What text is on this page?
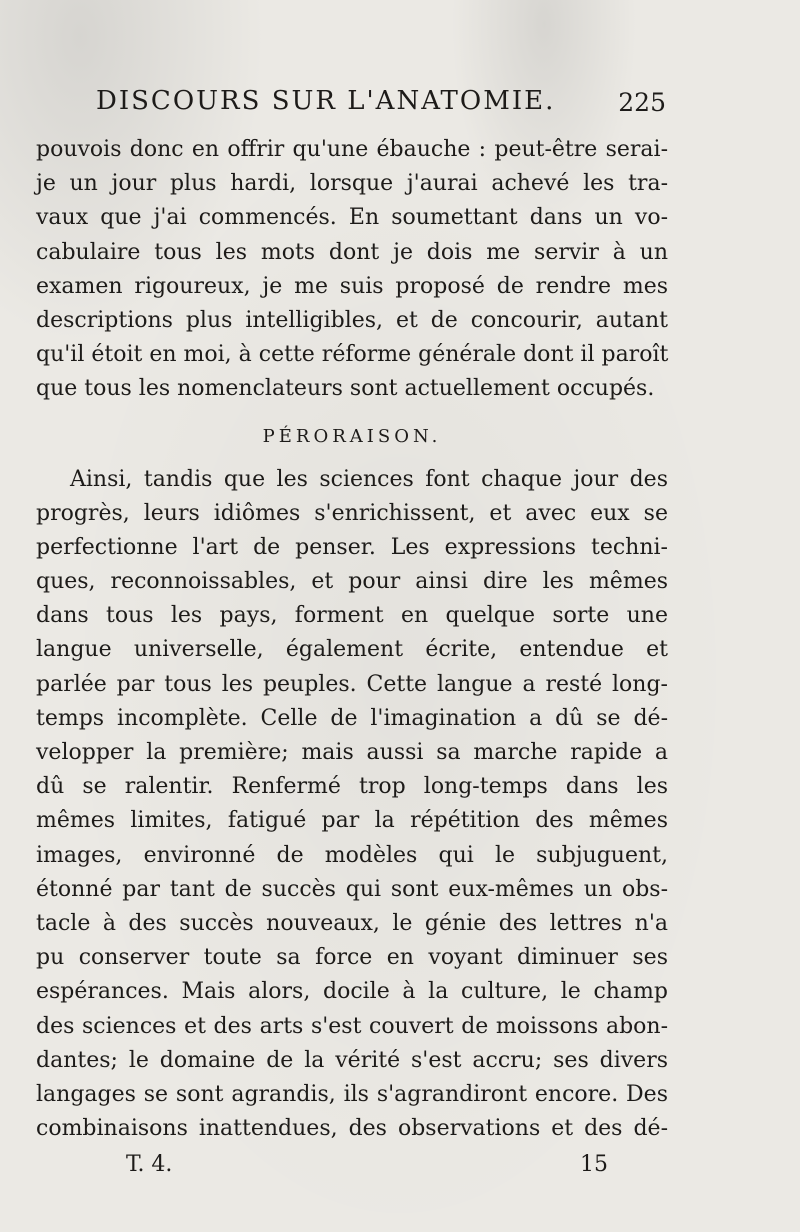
DISCOURS SUR L'ANATOMIE.	225
pouvois donc en offrir qu'une ébauche : peut-être serai-
je un jour plus hardi, lorsque j'aurai achevé les tra-
vaux que j'ai commencés. En soumettant dans un vo-
cabulaire tous les mots dont je dois me servir à un
examen rigoureux, je me suis proposé de rendre mes
descriptions plus intelligibles, et de concourir, autant
qu'il étoit en moi, à cette réforme générale dont il paroît
que tous les nomenclateurs sont actuellement occupés.
PÉRORAISON.
Ainsi, tandis que les sciences font chaque jour des
progrès, leurs idiômes s'enrichissent, et avec eux se
perfectionne l'art de penser. Les expressions techni-
ques, reconnoissables, et pour ainsi dire les mêmes
dans tous les pays, forment en quelque sorte une
langue universelle, également écrite, entendue et
parlée par tous les peuples. Cette langue a resté long-
temps incomplète. Celle de l'imagination a dû se dé-
velopper la première; mais aussi sa marche rapide a
dû se ralentir. Renfermé trop long-temps dans les
mêmes limites, fatigué par la répétition des mêmes
images, environné de modèles qui le subjuguent,
étonné par tant de succès qui sont eux-mêmes un obs-
tacle à des succès nouveaux, le génie des lettres n'a
pu conserver toute sa force en voyant diminuer ses
espérances. Mais alors, docile à la culture, le champ
des sciences et des arts s'est couvert de moissons abon-
dantes; le domaine de la vérité s'est accru; ses divers
langages se sont agrandis, ils s'agrandiront encore. Des
combinaisons inattendues, des observations et des dé-
T. 4.	15
